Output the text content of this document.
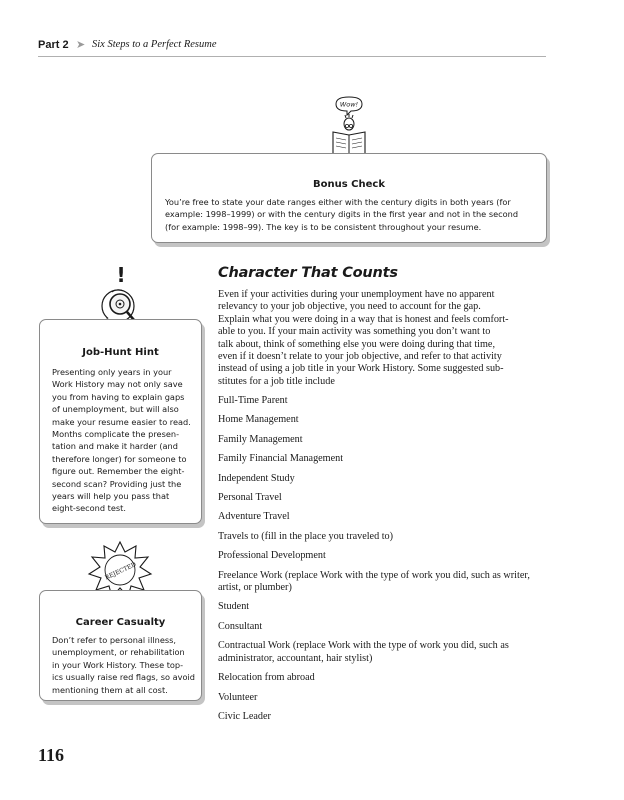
Part 2 ➤ Six Steps to a Perfect Resume
Wow!
Bonus Check
You’re free to state your date ranges either with the century digits in both years (for
example: 1998–1999) or with the century digits in the first year and not in the second
(for example: 1998–99). The key is to be consistent throughout your resume.
!
Job-Hunt Hint
Presenting only years in your
Work History may not only save
you from having to explain gaps
of unemployment, but will also
make your resume easier to read.
Months complicate the presen-
tation and make it harder (and
therefore longer) for someone to
figure out. Remember the eight-
second scan? Providing just the
years will help you pass that
eight-second test.
REJECTED
Career Casualty
Don’t refer to personal illness,
unemployment, or rehabilitation
in your Work History. These top-
ics usually raise red flags, so avoid
mentioning them at all cost.
Character That Counts
Even if your activities during your unemployment have no apparent
relevancy to your job objective, you need to account for the gap.
Explain what you were doing in a way that is honest and feels comfort-
able to you. If your main activity was something you don’t want to
talk about, think of something else you were doing during that time,
even if it doesn’t relate to your job objective, and refer to that activity
instead of using a job title in your Work History. Some suggested sub-
stitutes for a job title include
Full-Time Parent
Home Management
Family Management
Family Financial Management
Independent Study
Personal Travel
Adventure Travel
Travels to (fill in the place you traveled to)
Professional Development
Freelance Work (replace Work with the type of work you did, such as writer, artist, or plumber)
Student
Consultant
Contractual Work (replace Work with the type of work you did, such as administrator, accountant, hair stylist)
Relocation from abroad
Volunteer
Civic Leader
116
